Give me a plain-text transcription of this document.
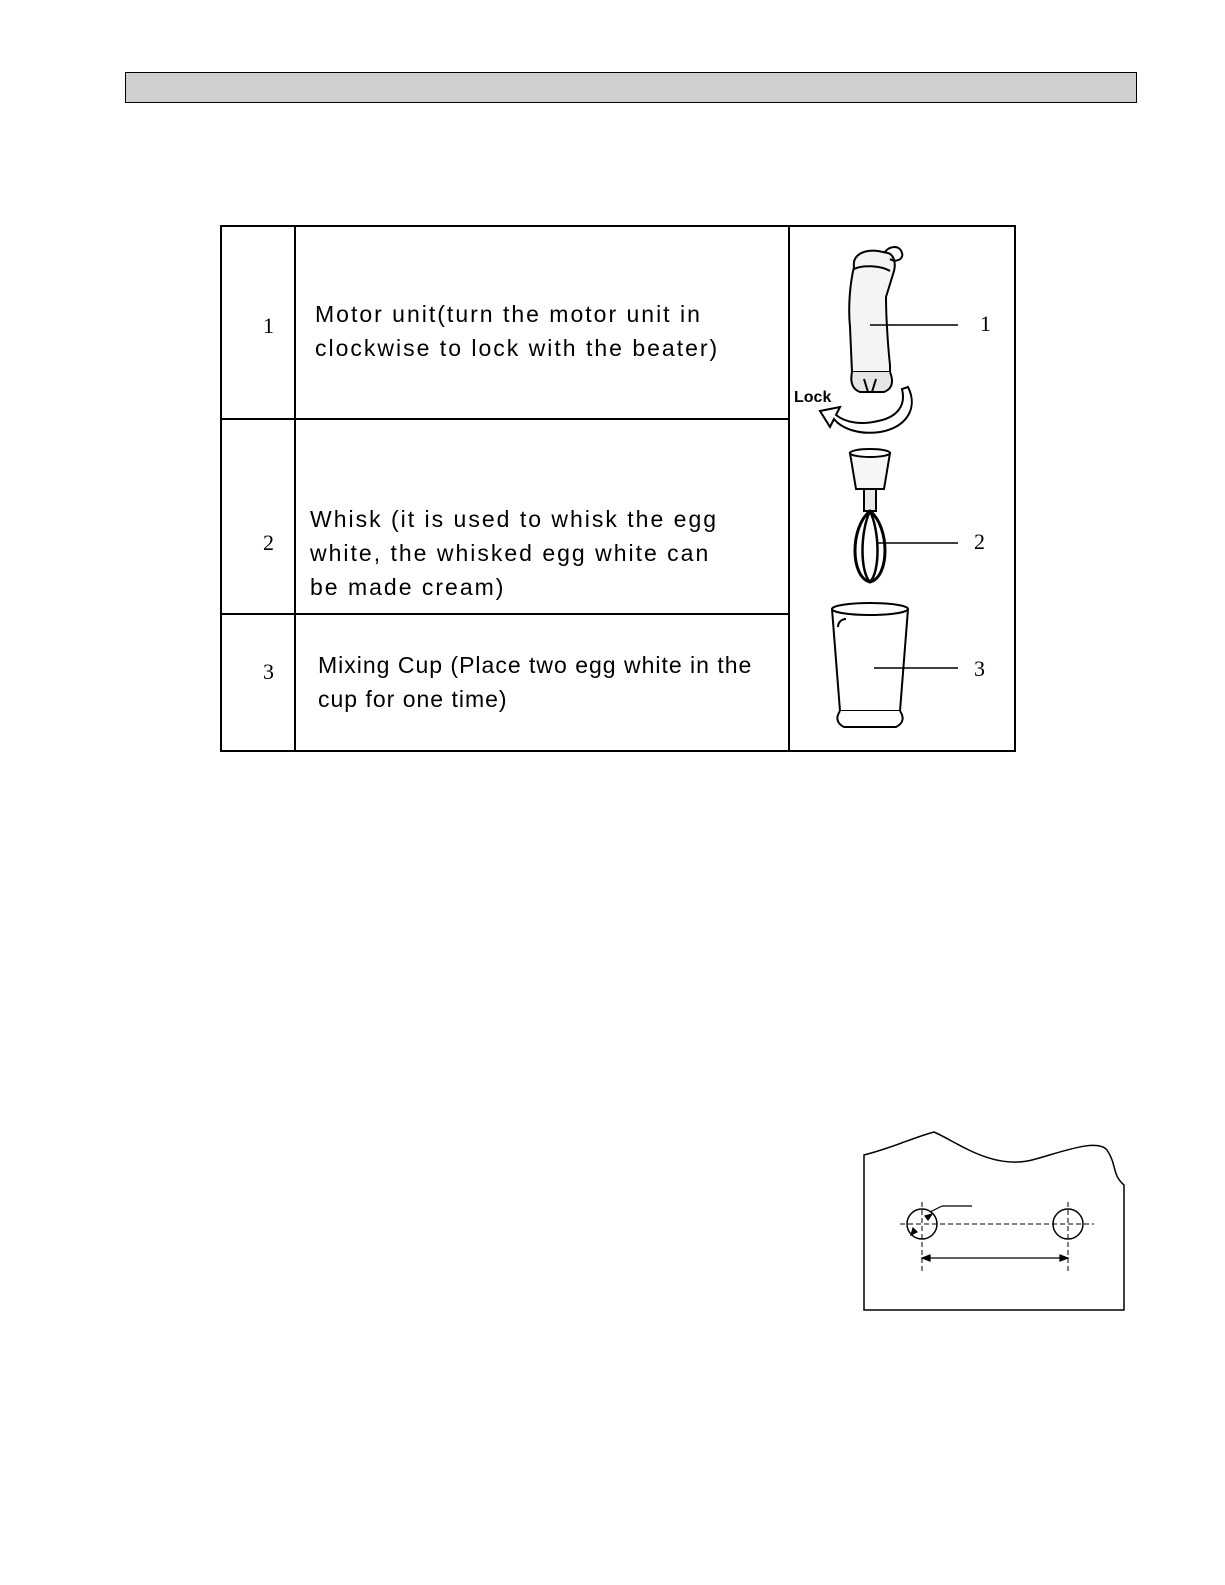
1 Motor unit(turn the motor unit in
clockwise to lock with the beater)
2
Whisk (it is used to whisk the egg
white, the whisked egg white can
be made cream)
3 Mixing Cup (Place two egg white in the
cup for one time)
1
Lock
2
3
